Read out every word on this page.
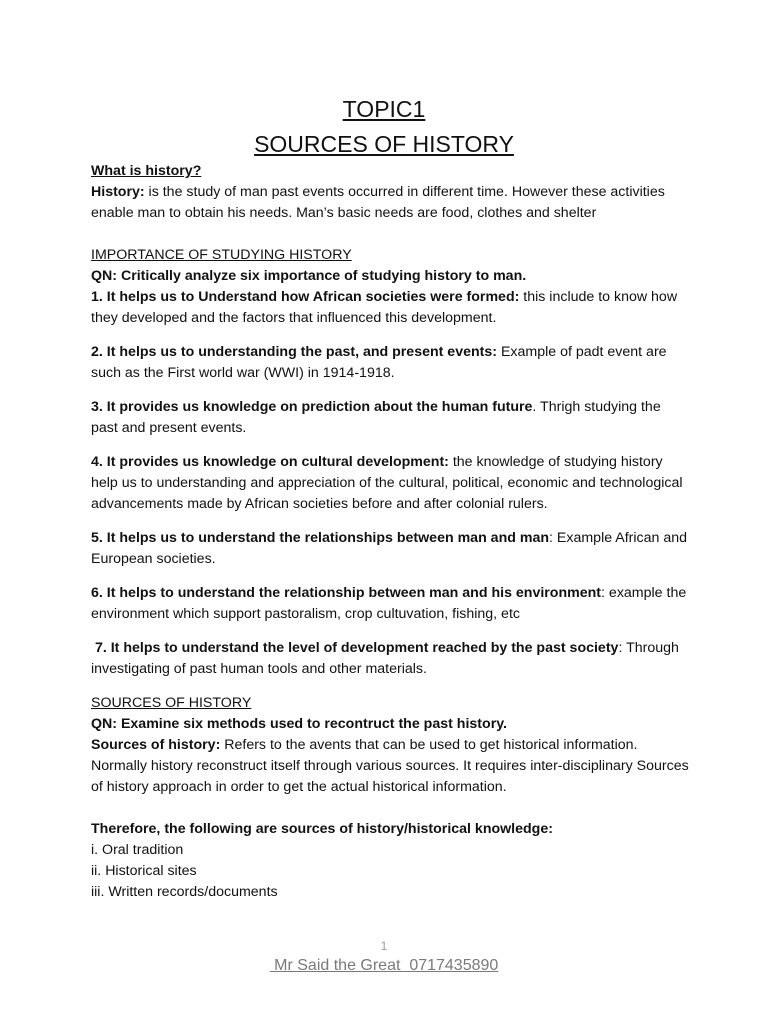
TOPIC1
SOURCES OF HISTORY

What is history?

History: is the study of man past events occurred in different time. However these activities enable man to obtain his needs. Man’s basic needs are food, clothes and shelter

IMPORTANCE OF STUDYING HISTORY

QN: Critically analyze six importance of studying history to man.

1. It helps us to Understand how African societies were formed: this include to know how they developed and the factors that influenced this development.

2. It helps us to understanding the past, and present events: Example of padt event are such as the First world war (WWI) in 1914-1918.

3. It provides us knowledge on prediction about the human future. Thrigh studying the past and present events.

4. It provides us knowledge on cultural development: the knowledge of studying history help us to understanding and appreciation of the cultural, political, economic and technological advancements made by African societies before and after colonial rulers.

5. It helps us to understand the relationships between man and man: Example African and European societies.

6. It helps to understand the relationship between man and his environment: example the environment which support pastoralism, crop cultuvation, fishing, etc

7. It helps to understand the level of development reached by the past society: Through investigating of past human tools and other materials.

SOURCES OF HISTORY

QN: Examine six methods used to recontruct the past history.

Sources of history: Refers to the avents that can be used to get historical information. Normally history reconstruct itself through various sources. It requires inter-disciplinary Sources of history approach in order to get the actual historical information.

Therefore, the following are sources of history/historical knowledge:

i. Oral tradition

ii. Historical sites

iii. Written records/documents

1
Mr Said the Great  0717435890
